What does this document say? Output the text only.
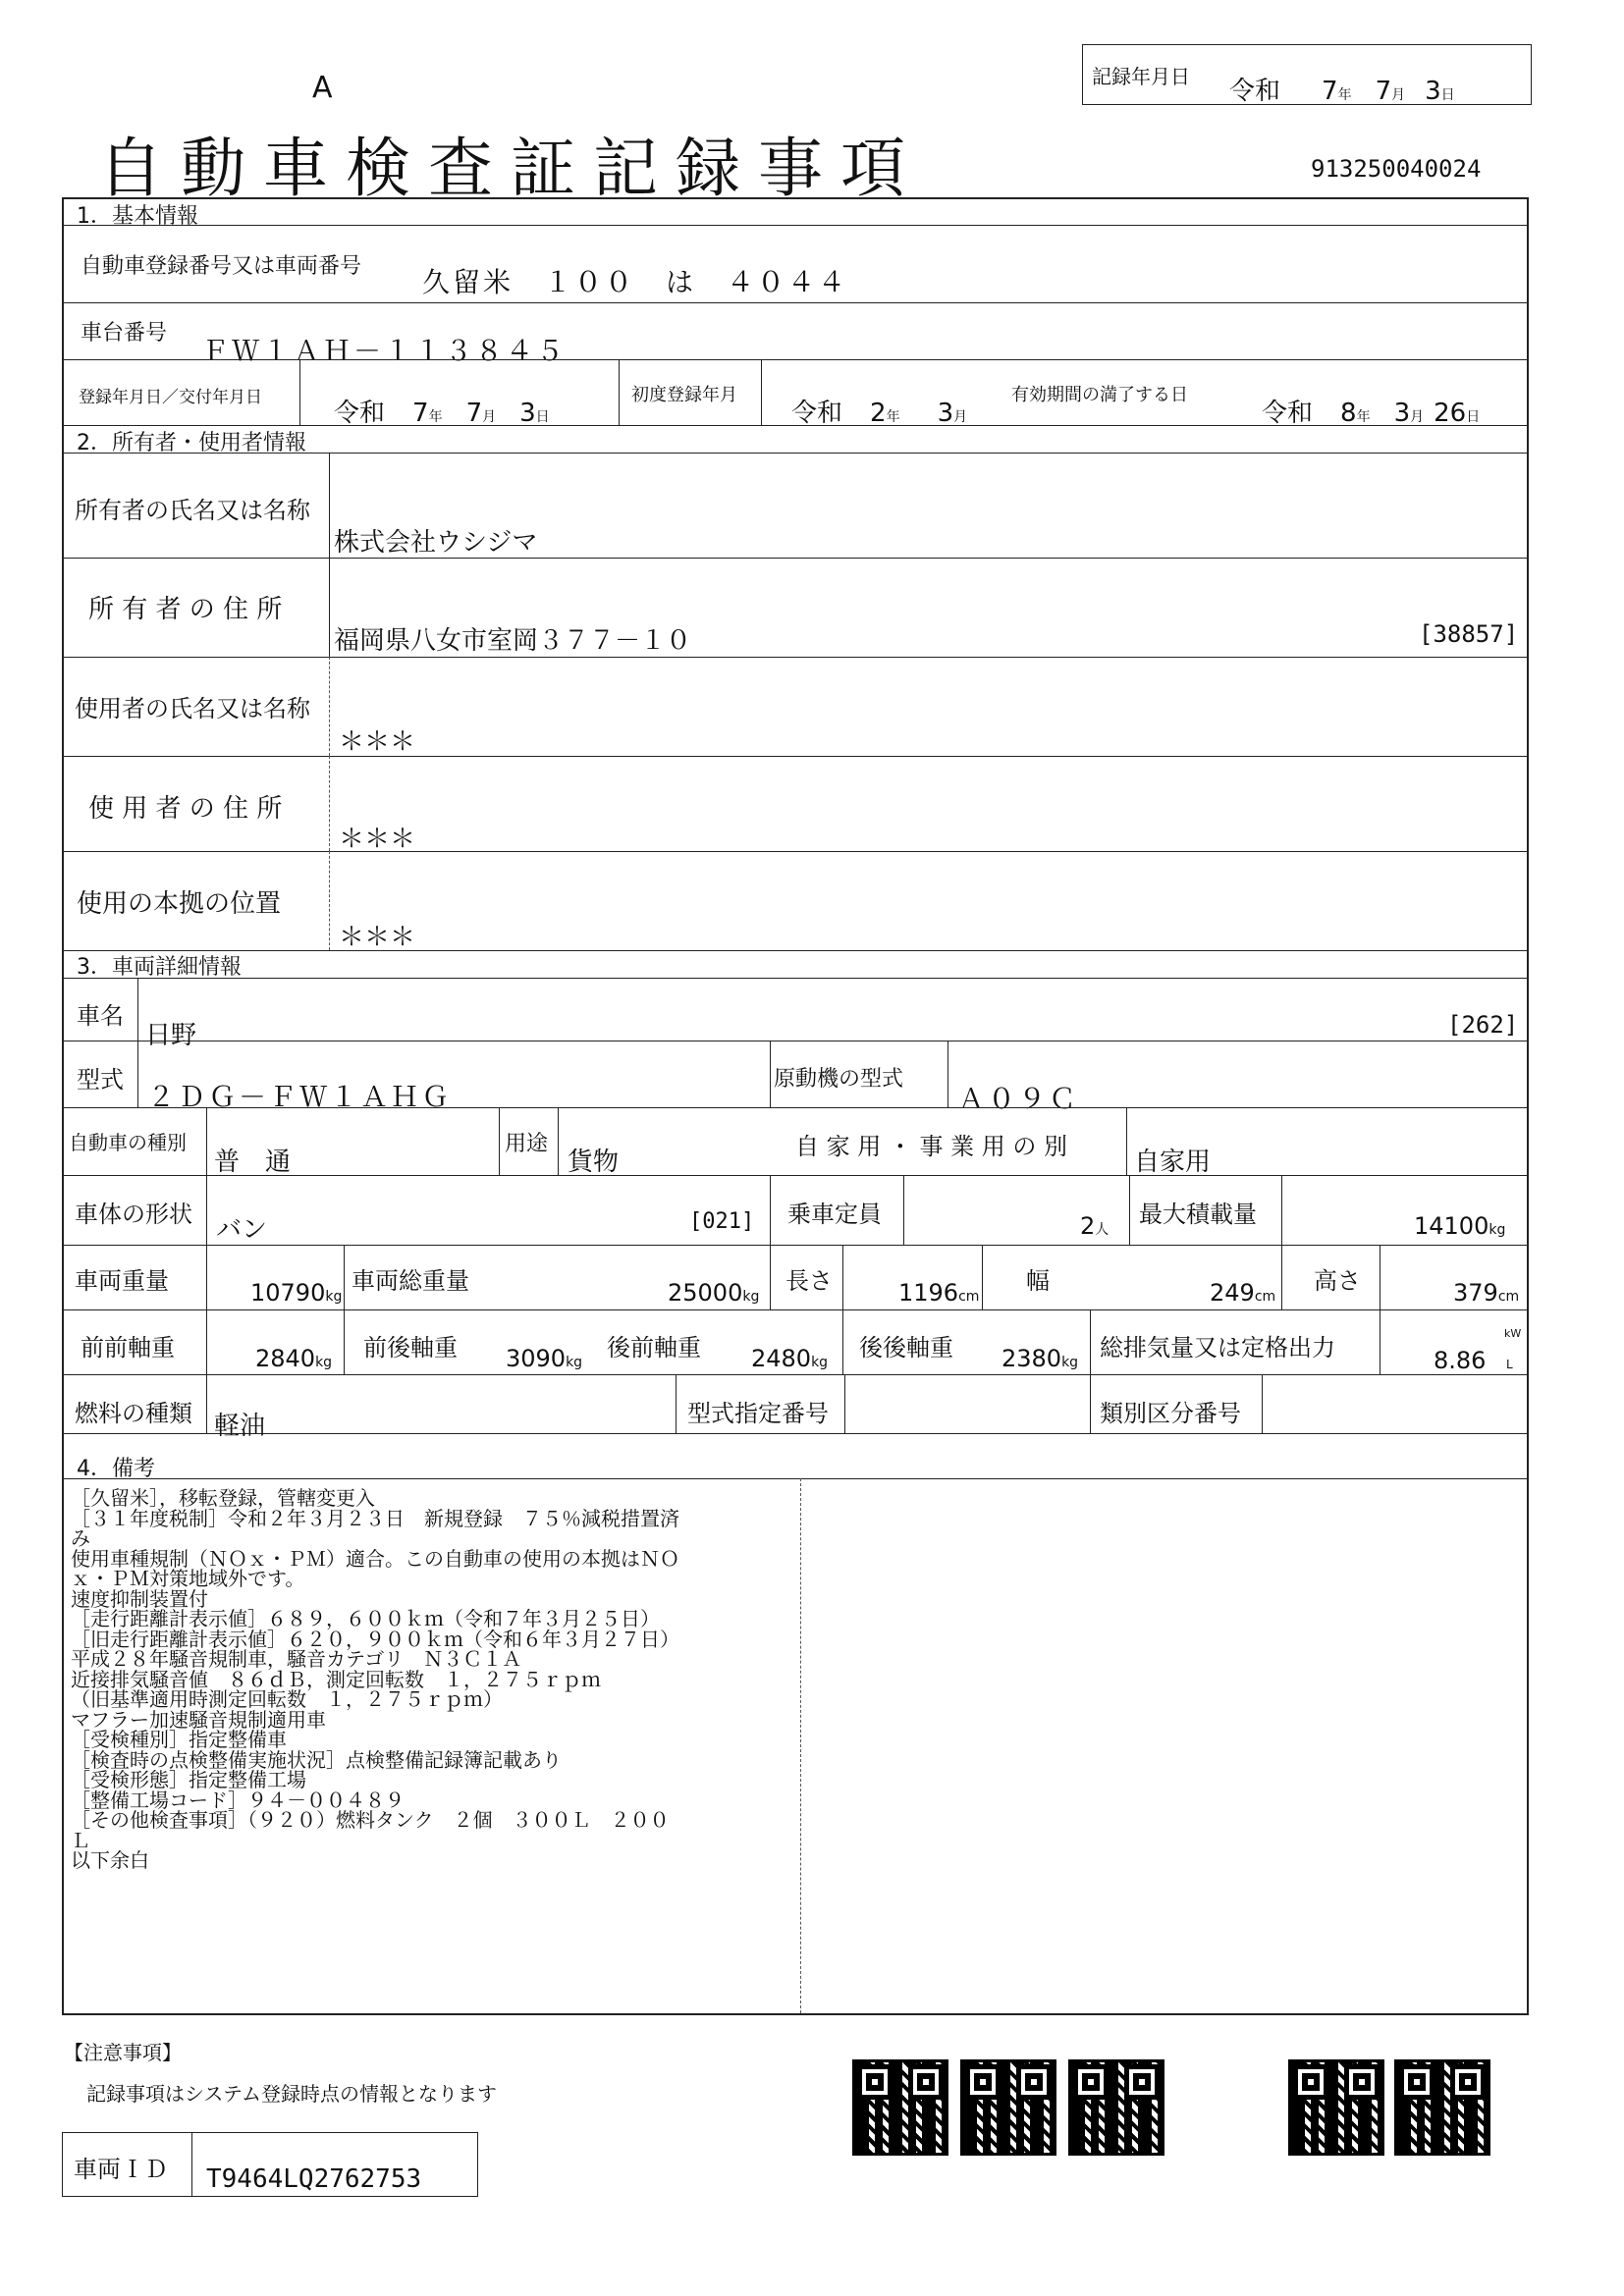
A
自動車検査証記録事項	913250040024
記録年月日 令和 7年 7月 3日
1．基本情報
自動車登録番号又は車両番号 久留米　１００　は　４０４４
車台番号
ＦＷ１ＡＨ－１１３８４５
登録年月日／交付年月日
令和 7年 7月 3日
初度登録年月
令和 2年 3月
有効期間の満了する日
令和 8年 3月 26日
2．所有者・使用者情報
所有者の氏名又は名称
株式会社ウシジマ
所 有 者 の 住 所
福岡県八女市室岡３７７－１０	[38857]
使用者の氏名又は名称
＊＊＊
使 用 者 の 住 所
＊＊＊
使用の本拠の位置
＊＊＊
3．車両詳細情報
車名
日野	[262]
型式
２ＤＧ－ＦＷ１ＡＨＧ
原動機の型式
Ａ０９Ｃ
自動車の種別
普　通
用途
貨物
自 家 用 ・ 事 業 用 の 別
自家用
車体の形状
バン	[021] 乗車定員	2人
最大積載量	14100kg
車両重量	10790kg
車両総重量	25000kg
長さ	1196cm
幅	249cm
高さ	379cm
前前軸重	2840kg
前後軸重 3090kg
後前軸重 2480kg
後後軸重 2380kg
総排気量又は定格出力	8.86
kW
L
燃料の種類 軽油	型式指定番号	類別区分番号
4．備考
［久留米］，移転登録，管轄変更入
［３１年度税制］令和２年３月２３日　新規登録　７５％減税措置済
み
使用車種規制（ＮＯｘ・ＰＭ）適合。この自動車の使用の本拠はＮＯ
ｘ・ＰＭ対策地域外です。
速度抑制装置付
［走行距離計表示値］６８９，６００ｋｍ（令和７年３月２５日）
［旧走行距離計表示値］６２０，９００ｋｍ（令和６年３月２７日）
平成２８年騒音規制車，騒音カテゴリ　Ｎ３Ｃ１Ａ
近接排気騒音値　８６ｄＢ，測定回転数　１，２７５ｒｐｍ
（旧基準適用時測定回転数　１，２７５ｒｐｍ）
マフラー加速騒音規制適用車
［受検種別］指定整備車
［検査時の点検整備実施状況］点検整備記録簿記載あり
［受検形態］指定整備工場
［整備工場コード］９４－００４８９
［その他検査事項］（９２０）燃料タンク　２個　３００Ｌ　２００
Ｌ
以下余白
【注意事項】
記録事項はシステム登録時点の情報となります
車両ＩＤ T9464LQ2762753
